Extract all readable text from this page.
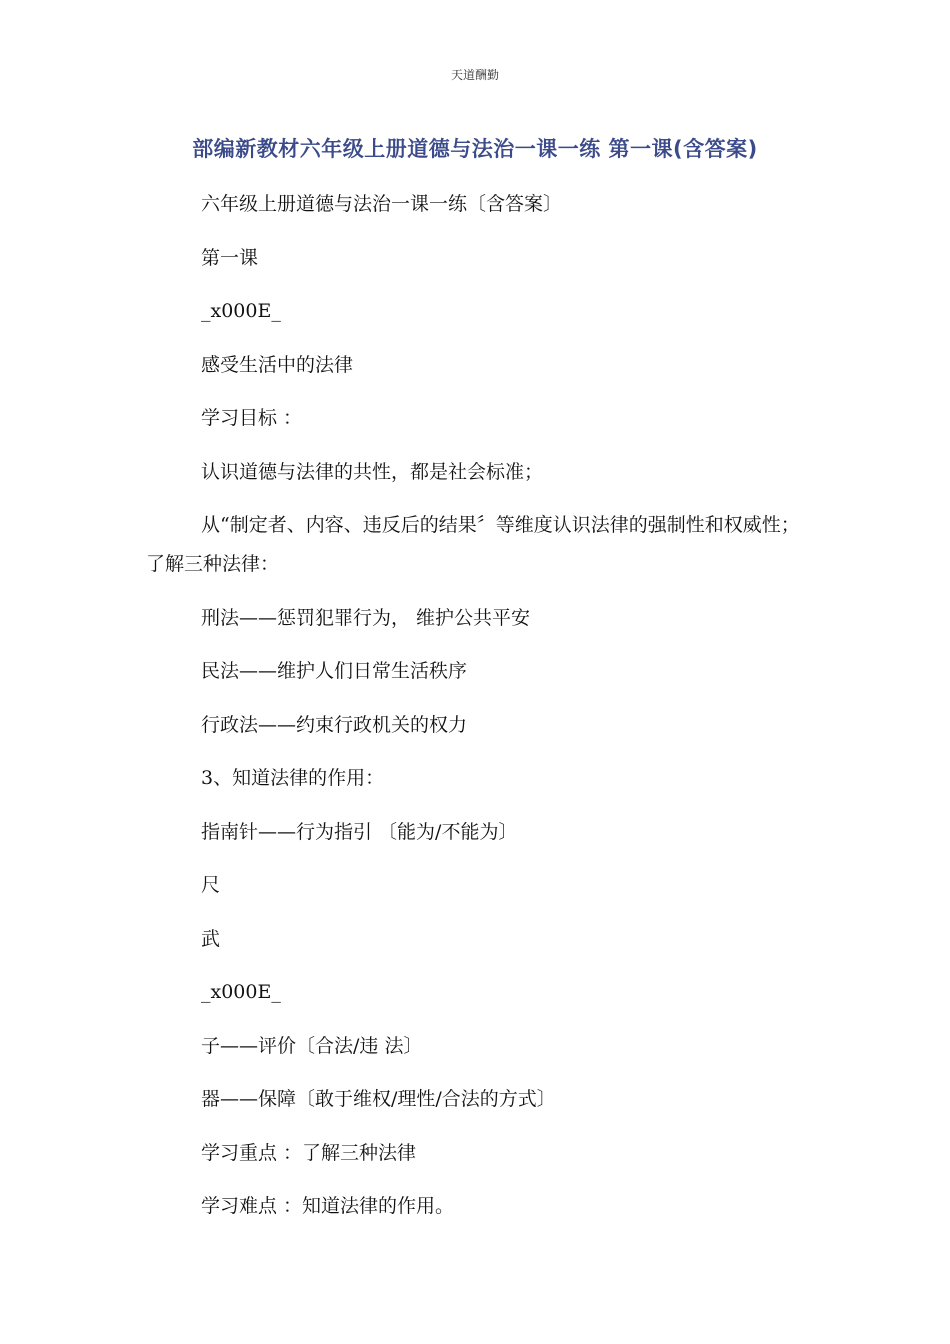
天道酬勤
部编新教材六年级上册道德与法治一课一练 第一课(含答案)

六年级上册道德与法治一课一练〔含答案〕

第一课

_x000E_

感受生活中的法律

学习目标 ：

认识道德与法律的共性，都是社会标准；

从“制定者、内容、违反后的结果〞等维度认识法律的强制性和权威性； 了解三种法律：

刑法——惩罚犯罪行为， 维护公共平安

民法——维护人们日常生活秩序

行政法——约束行政机关的权力

3、知道法律的作用：

指南针——行为指引 〔能为/不能为〕

尺

武

_x000E_

子——评价〔合法/违 法〕

器——保障〔敢于维权/理性/合法的方式〕

学习重点 ：了解三种法律

学习难点 ：知道法律的作用。
